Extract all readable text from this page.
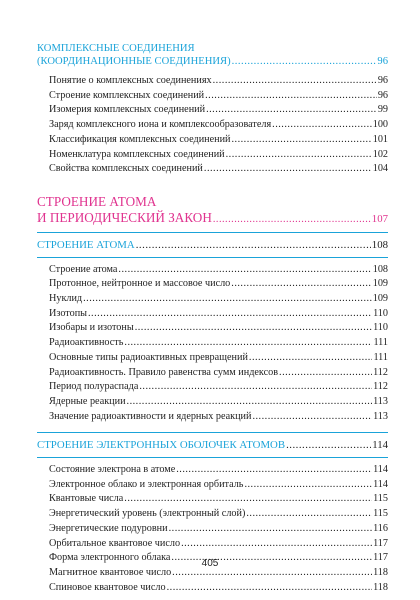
КОМПЛЕКСНЫЕ СОЕДИНЕНИЯ
(КООРДИНАЦИОННЫЕ СОЕДИНЕНИЯ) .....	96
Понятие о комплексных соединениях .....	96
Строение комплексных соединений .....	96
Изомерия комплексных соединений .....	99
Заряд комплексного иона и комплексообразователя .....	100
Классификация комплексных соединений .....	101
Номенклатура комплексных соединений .....	102
Свойства комплексных соединений .....	104
СТРОЕНИЕ АТОМА
И ПЕРИОДИЧЕСКИЙ ЗАКОН .....	107
СТРОЕНИЕ АТОМА .....	108
Строение атома .....	108
Протонное, нейтронное и массовое число .....	109
Нуклид .....	109
Изотопы .....	110
Изобары и изотоны .....	110
Радиоактивность .....	111
Основные типы радиоактивных превращений .....	111
Радиоактивность. Правило равенства сумм индексов .....	112
Период полураспада .....	112
Ядерные реакции .....	113
Значение радиоактивности и ядерных реакций .....	113
СТРОЕНИЕ ЭЛЕКТРОННЫХ ОБОЛОЧЕК АТОМОВ .....	114
Состояние электрона в атоме .....	114
Электронное облако и электронная орбиталь .....	114
Квантовые числа .....	115
Энергетический уровень (электронный слой) .....	115
Энергетические подуровни .....	116
Орбитальное квантовое число .....	117
Форма электронного облака .....	117
Магнитное квантовое число .....	118
Спиновое квантовое число .....	118
405
